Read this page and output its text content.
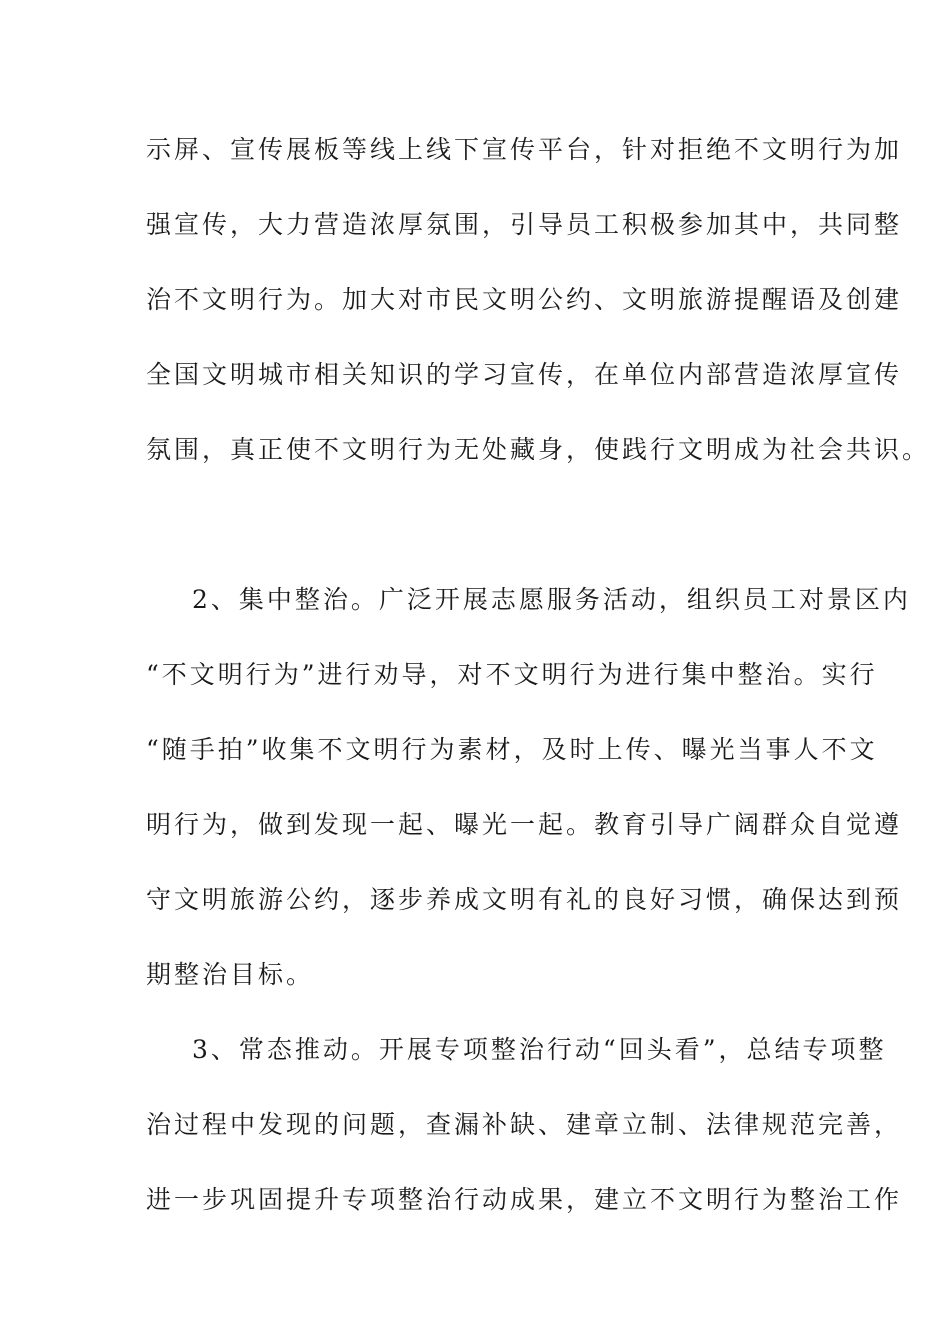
示屏、宣传展板等线上线下宣传平台，针对拒绝不文明行为加
强宣传，大力营造浓厚氛围，引导员工积极参加其中，共同整
治不文明行为。加大对市民文明公约、文明旅游提醒语及创建
全国文明城市相关知识的学习宣传，在单位内部营造浓厚宣传
氛围，真正使不文明行为无处藏身，使践行文明成为社会共识。
2、集中整治。广泛开展志愿服务活动，组织员工对景区内
“不文明行为”进行劝导，对不文明行为进行集中整治。实行
“随手拍”收集不文明行为素材，及时上传、曝光当事人不文
明行为，做到发现一起、曝光一起。教育引导广阔群众自觉遵
守文明旅游公约，逐步养成文明有礼的良好习惯，确保达到预
期整治目标。
3、常态推动。开展专项整治行动“回头看”，总结专项整
治过程中发现的问题，查漏补缺、建章立制、法律规范完善，
进一步巩固提升专项整治行动成果，建立不文明行为整治工作
